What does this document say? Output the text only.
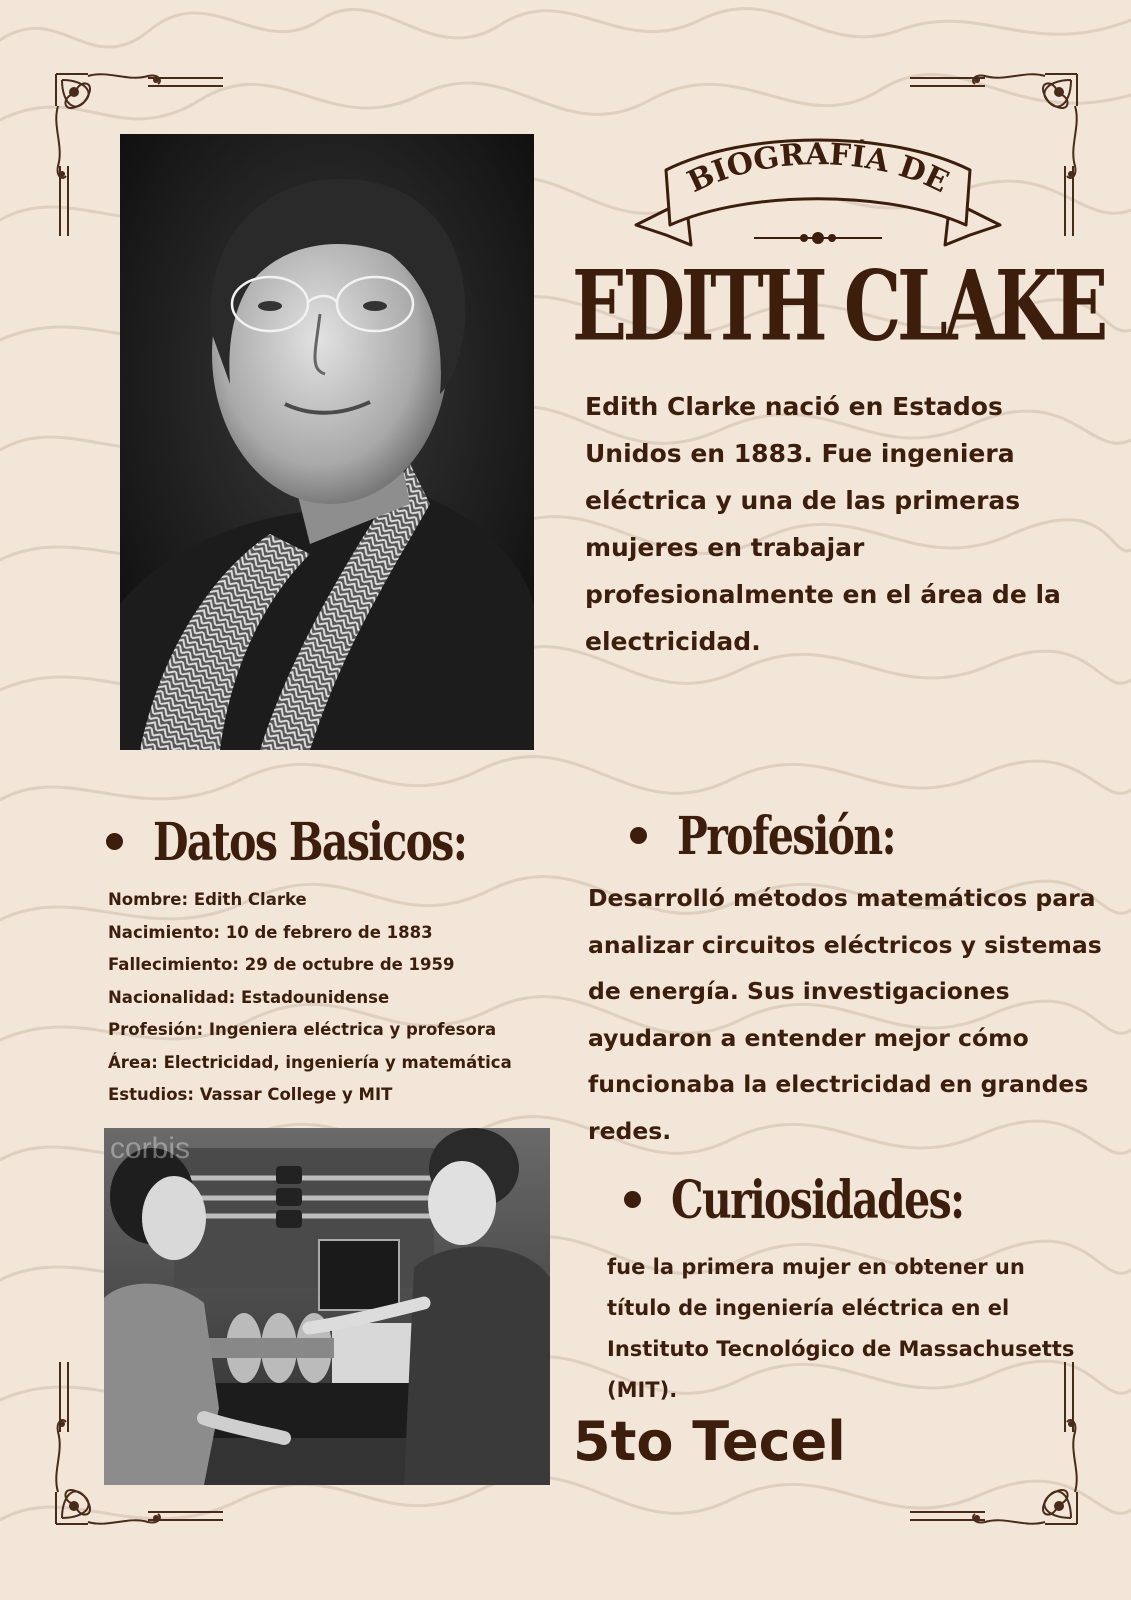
BIOGRAFÍA DE
EDITH CLAKE
Edith Clarke nació en Estados Unidos en 1883. Fue ingeniera eléctrica y una de las primeras mujeres en trabajar profesionalmente en el área de la electricidad.
Datos Basicos:
Nombre: Edith Clarke
Nacimiento: 10 de febrero de 1883
Fallecimiento: 29 de octubre de 1959
Nacionalidad: Estadounidense
Profesión: Ingeniera eléctrica y profesora
Área: Electricidad, ingeniería y matemática
Estudios: Vassar College y MIT
Profesión:
Desarrolló métodos matemáticos para analizar circuitos eléctricos y sistemas de energía. Sus investigaciones ayudaron a entender mejor cómo funcionaba la electricidad en grandes redes.
corbis
Curiosidades:
fue la primera mujer en obtener un título de ingeniería eléctrica en el Instituto Tecnológico de Massachusetts (MIT).
5to Tecel
